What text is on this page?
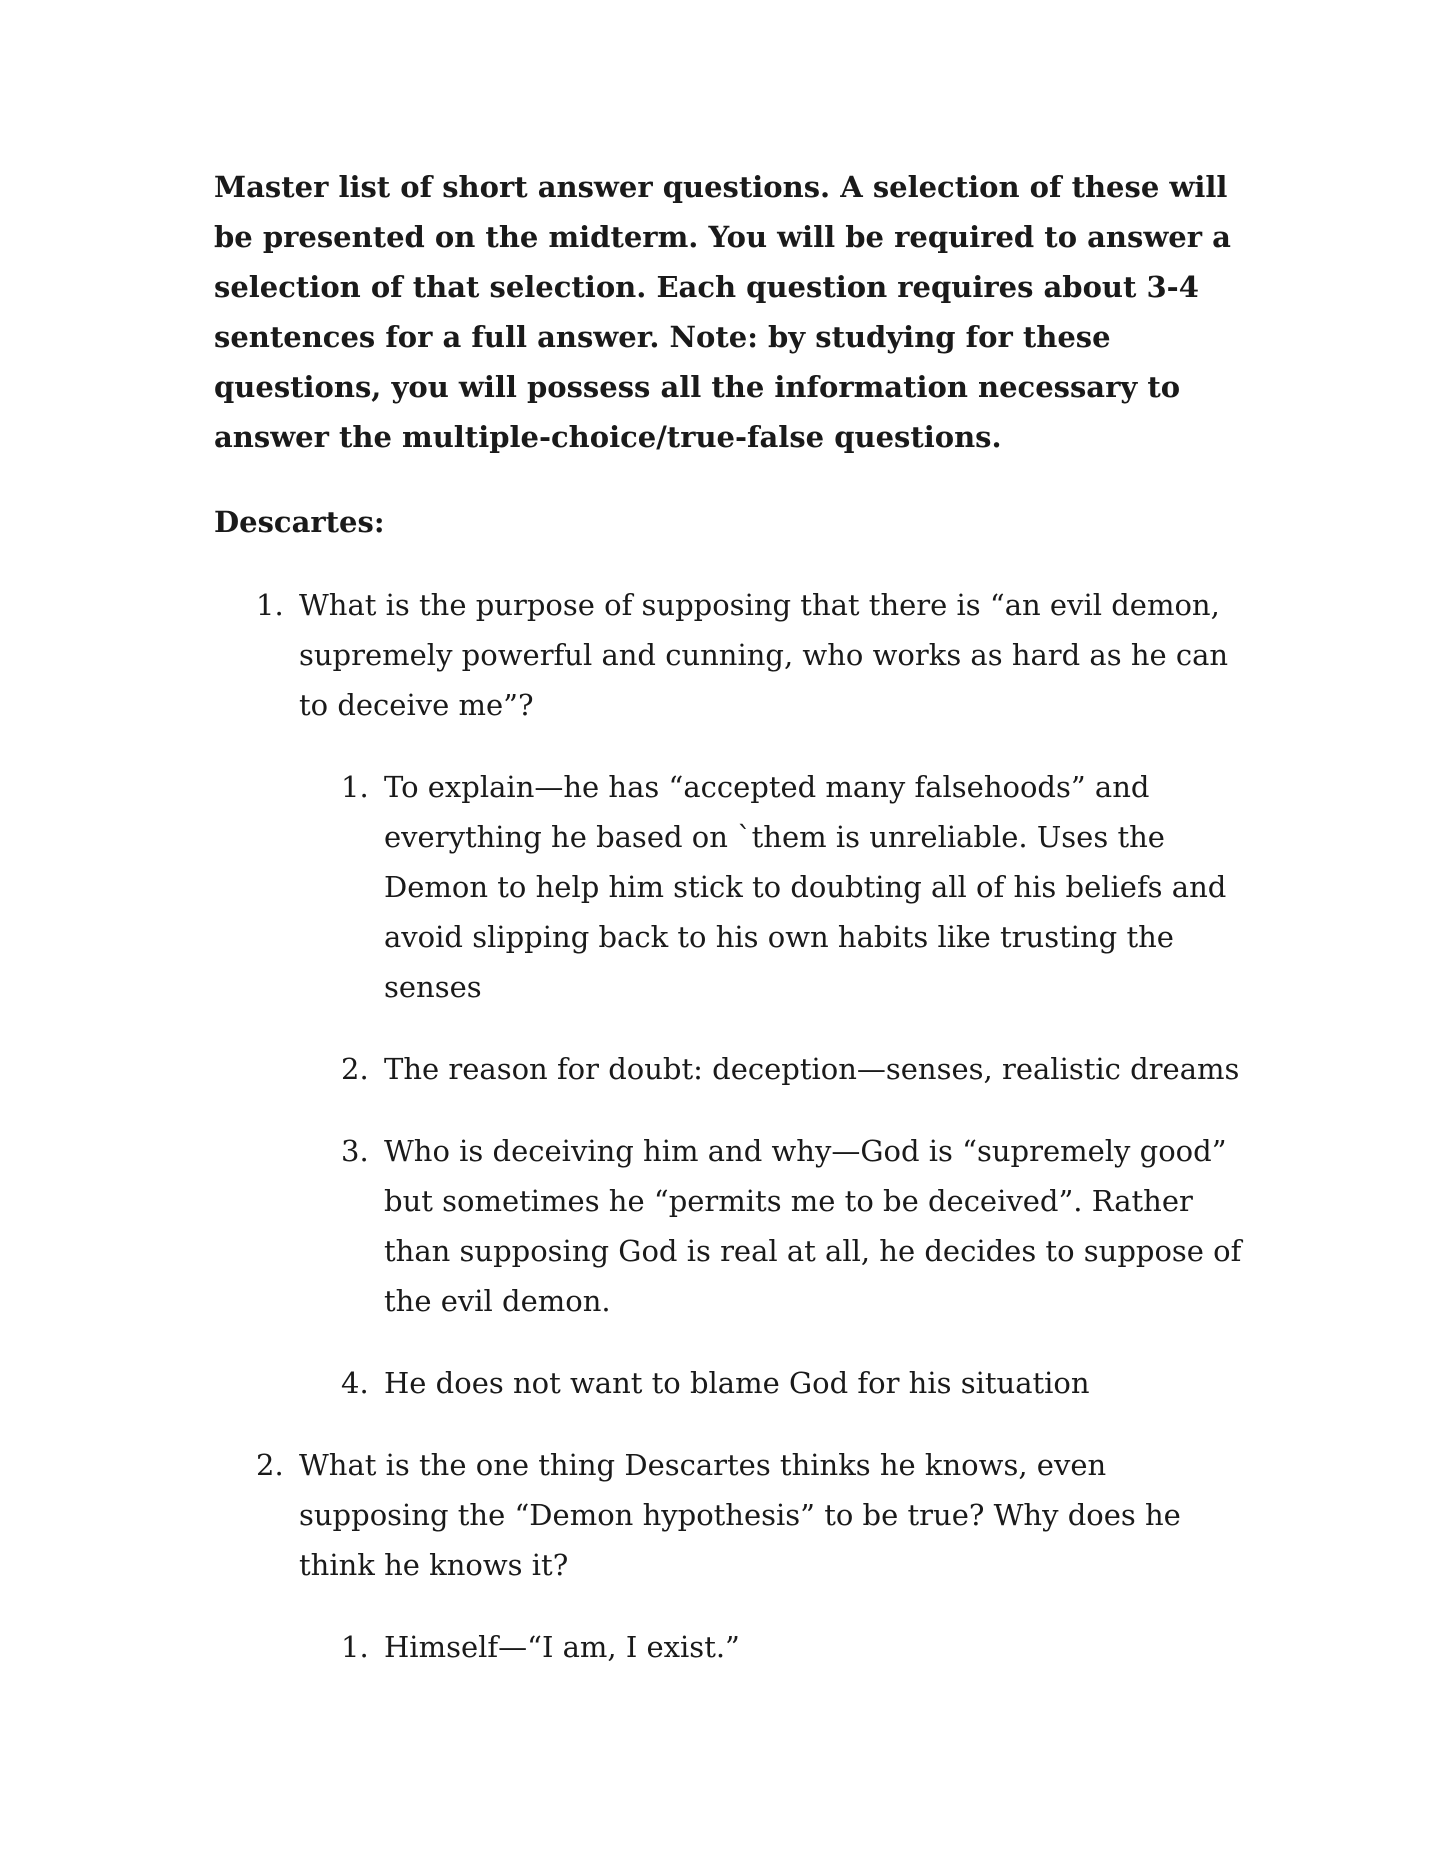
Master list of short answer questions. A selection of these will be presented on the midterm. You will be required to answer a selection of that selection. Each question requires about 3-4 sentences for a full answer. Note: by studying for these questions, you will possess all the information necessary to answer the multiple-choice/true-false questions.

Descartes:

1. What is the purpose of supposing that there is “an evil demon, supremely powerful and cunning, who works as hard as he can to deceive me”?
1. To explain—he has “accepted many falsehoods” and everything he based on `them is unreliable. Uses the Demon to help him stick to doubting all of his beliefs and avoid slipping back to his own habits like trusting the senses
2. The reason for doubt: deception—senses, realistic dreams
3. Who is deceiving him and why—God is “supremely good” but sometimes he “permits me to be deceived”. Rather than supposing God is real at all, he decides to suppose of the evil demon.
4. He does not want to blame God for his situation
2. What is the one thing Descartes thinks he knows, even supposing the “Demon hypothesis” to be true? Why does he think he knows it?
1. Himself—“I am, I exist.”
